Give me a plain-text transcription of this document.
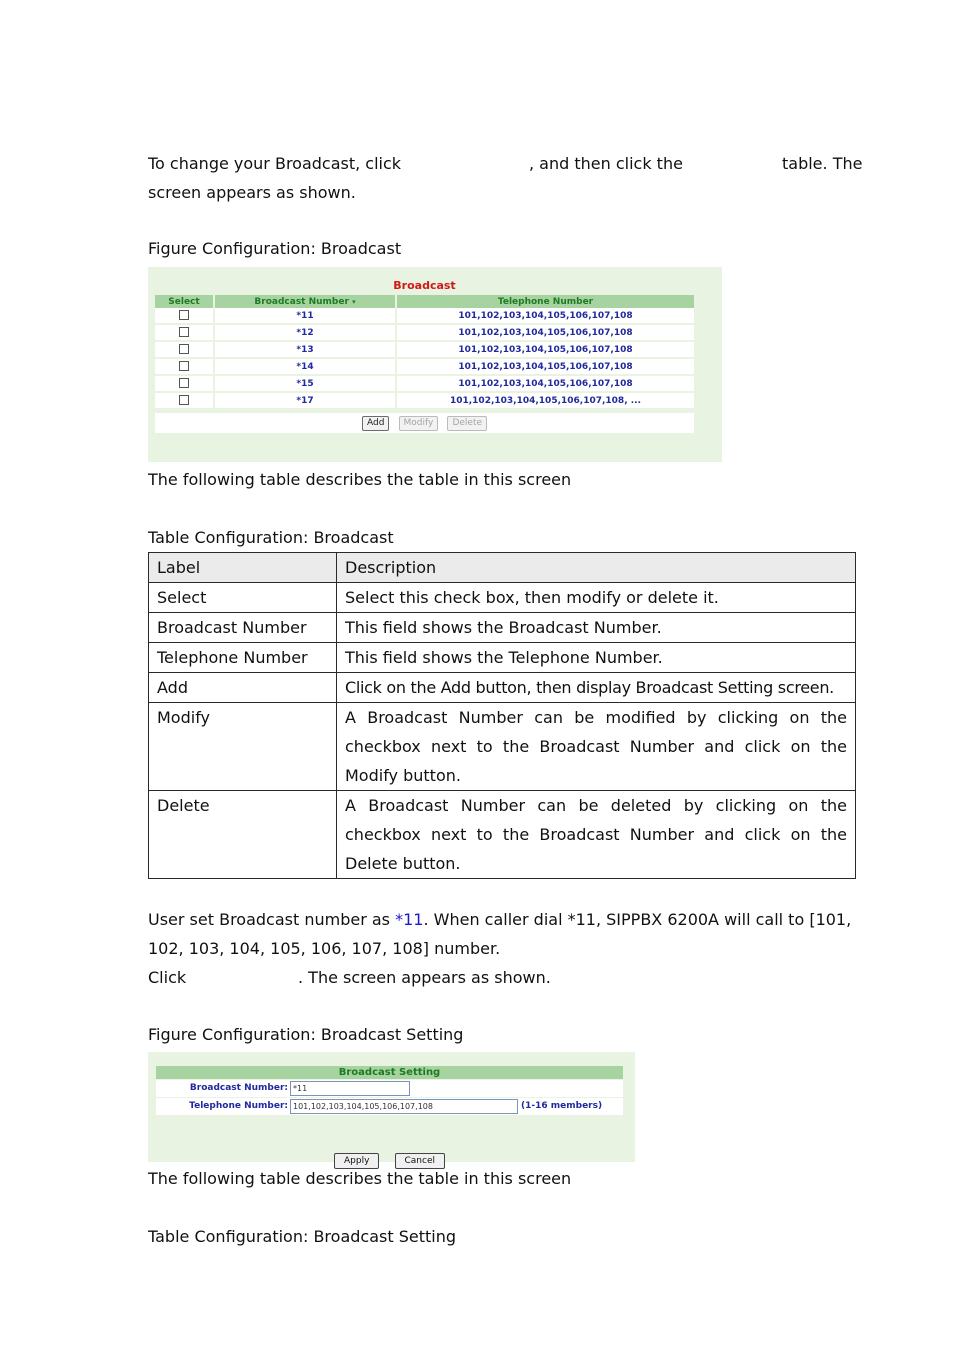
To change your Broadcast, click	, and then click the	table. The
screen appears as shown.
Figure Configuration: Broadcast
Broadcast
Select	Broadcast Number ▾	Telephone Number
	*11	101,102,103,104,105,106,107,108
	*12	101,102,103,104,105,106,107,108
	*13	101,102,103,104,105,106,107,108
	*14	101,102,103,104,105,106,107,108
	*15	101,102,103,104,105,106,107,108
	*17	101,102,103,104,105,106,107,108, ...
Add Modify Delete
The following table describes the table in this screen
Table Configuration: Broadcast
Label	Description
Select	Select this check box, then modify or delete it.
Broadcast Number	This field shows the Broadcast Number.
Telephone Number	This field shows the Telephone Number.
Add	Click on the Add button, then display Broadcast Setting screen.
Modify	A Broadcast Number can be modified by clicking on the checkbox next to the Broadcast Number and click on the Modify button.
Delete	A Broadcast Number can be deleted by clicking on the checkbox next to the Broadcast Number and click on the Delete button.
User set Broadcast number as *11. When caller dial *11, SIPPBX 6200A will call to [101,
102, 103, 104, 105, 106, 107, 108] number.
Click	. The screen appears as shown.
Figure Configuration: Broadcast Setting
Broadcast Setting
Broadcast Number: *11
Telephone Number: 101,102,103,104,105,106,107,108	(1-16 members)
Apply	Cancel
The following table describes the table in this screen
Table Configuration: Broadcast Setting
